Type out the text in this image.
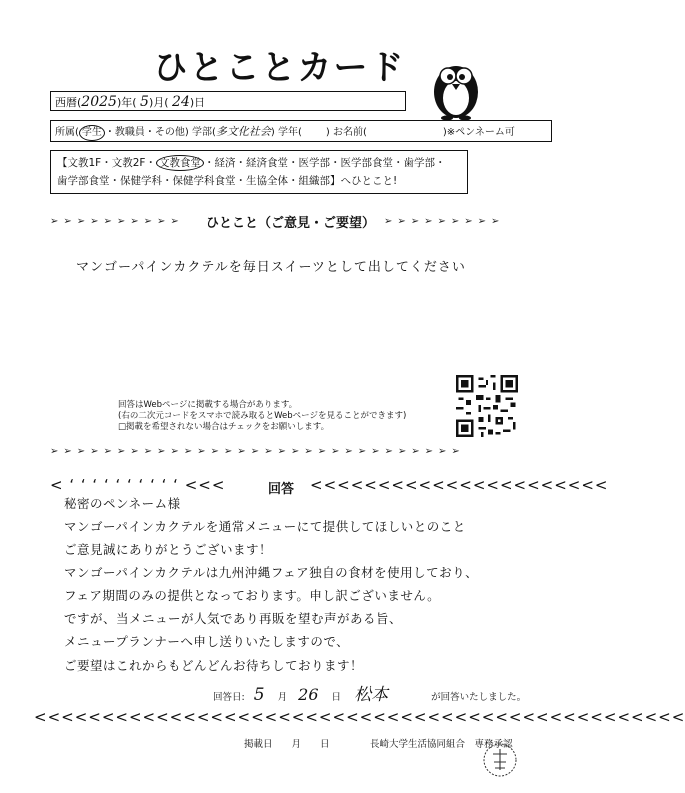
ひとことカード
西暦(2025)年( 5)月( 24)日
所属( 学生 ・教職員・その他) 学部(多文化社会) 学年( ) お名前(	)※ペンネーム可
【文教1F・文教2F・ 文教食堂 ・経済・経済食堂・医学部・医学部食堂・歯学部・
歯学部食堂・保健学科・保健学科食堂・生協全体・組織部】へひとこと!
➢➢➢➢➢➢➢➢➢➢	ひとこと（ご意見・ご要望） ➢➢➢➢➢➢➢➢➢
マンゴーパインカクテルを毎日スイーツとして出してください
回答はWebページに掲載する場合があります。
(右の二次元コードをスマホで読み取るとWebページを見ることができます)
□掲載を希望されない場合はチェックをお願いします。
➢➢➢➢➢➢➢➢➢➢➢➢➢➢➢➢➢➢➢➢➢➢➢➢➢➢➢➢➢➢➢
< ‘ ‘ ‘ ‘ ‘ ‘ ‘ ‘ ‘ ‘ <<<	回答 <<<<<<<<<<<<<<<<<<<<<<
秘密のペンネーム様
マンゴーパインカクテルを通常メニューにて提供してほしいとのこと
ご意見誠にありがとうございます！
マンゴーパインカクテルは九州沖縄フェア独自の食材を使用しており、
フェア期間のみの提供となっております。申し訳ございません。
ですが、当メニューが人気であり再販を望む声がある旨、
メニュープランナーへ申し送りいたしますので、
ご要望はこれからもどんどんお待ちしております！
回答日: 5 月 26 日 松本	が回答いたしました。
<<<<<<<<<<<<<<<<<<<<<<<<<<<<<<<<<<<<<<<<<<<<<<<<
掲載日　　月　　日	長崎大学生活協同組合　専務承認
